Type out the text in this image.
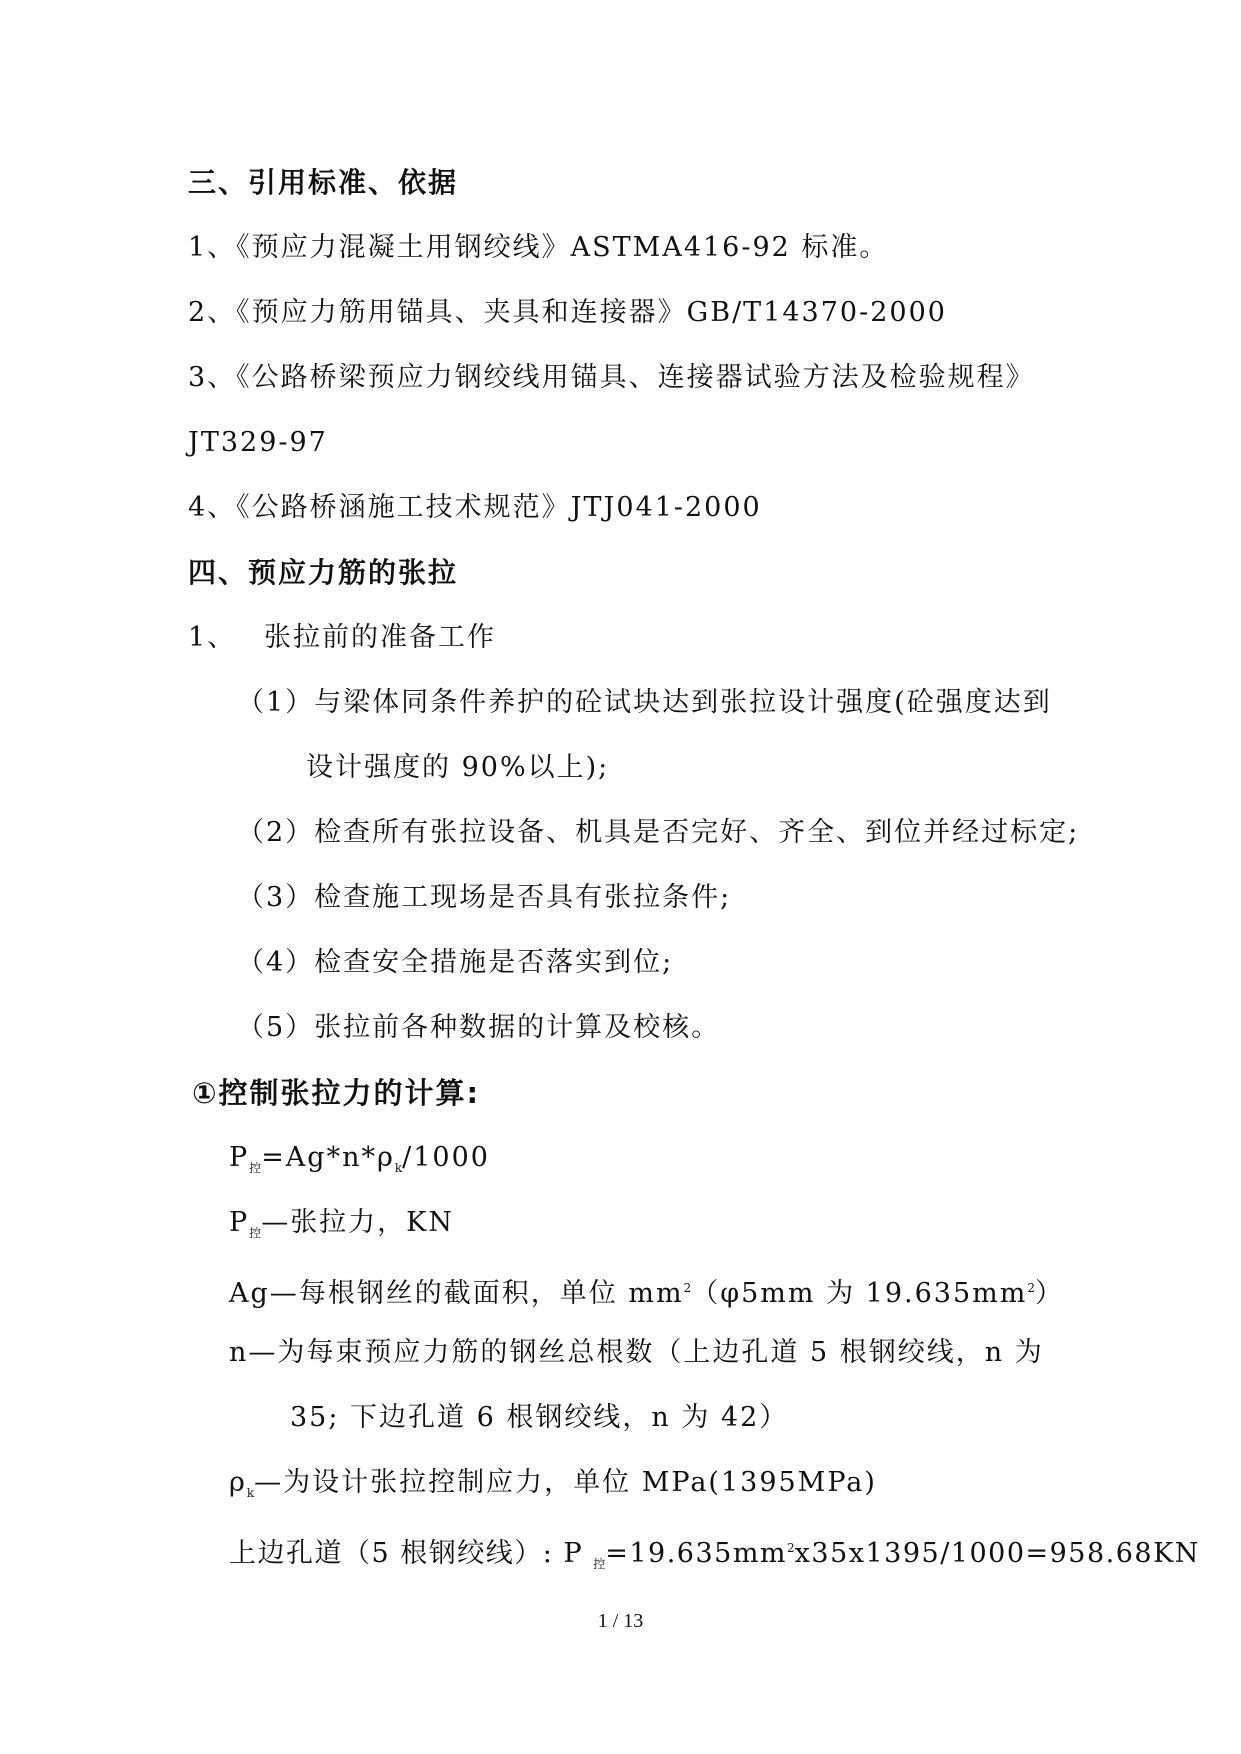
三、引用标准、依据
1、《预应力混凝土用钢绞线》ASTMA416-92 标准。
2、《预应力筋用锚具、夹具和连接器》GB/T14370-2000
3、《公路桥梁预应力钢绞线用锚具、连接器试验方法及检验规程》
JT329-97
4、《公路桥涵施工技术规范》JTJ041-2000
四、预应力筋的张拉
1、 张拉前的准备工作
（1）与梁体同条件养护的砼试块达到张拉设计强度(砼强度达到
设计强度的 90%以上);
（2）检查所有张拉设备、机具是否完好、齐全、到位并经过标定;
（3）检查施工现场是否具有张拉条件;
（4）检查安全措施是否落实到位;
（5）张拉前各种数据的计算及校核。
①控制张拉力的计算:
$P_控=Ag*n*\rho_k/1000$
$P_控—$张拉力，KN
Ag—每根钢丝的截面积，单位 $mm^2(\varphi 5mm$ 为 $19.635mm^2$）
n—为每束预应力筋的钢丝总根数（上边孔道 5 根钢绞线，n 为
35; 下边孔道 6 根钢绞线，n 为 42）
$\rho_k—$为设计张拉控制应力，单位 MPa(1395MPa)
上边孔道（5 根钢绞线）: P $_控=19.635mm^2x35x1395/1000=958.68KN$
1 / 13
